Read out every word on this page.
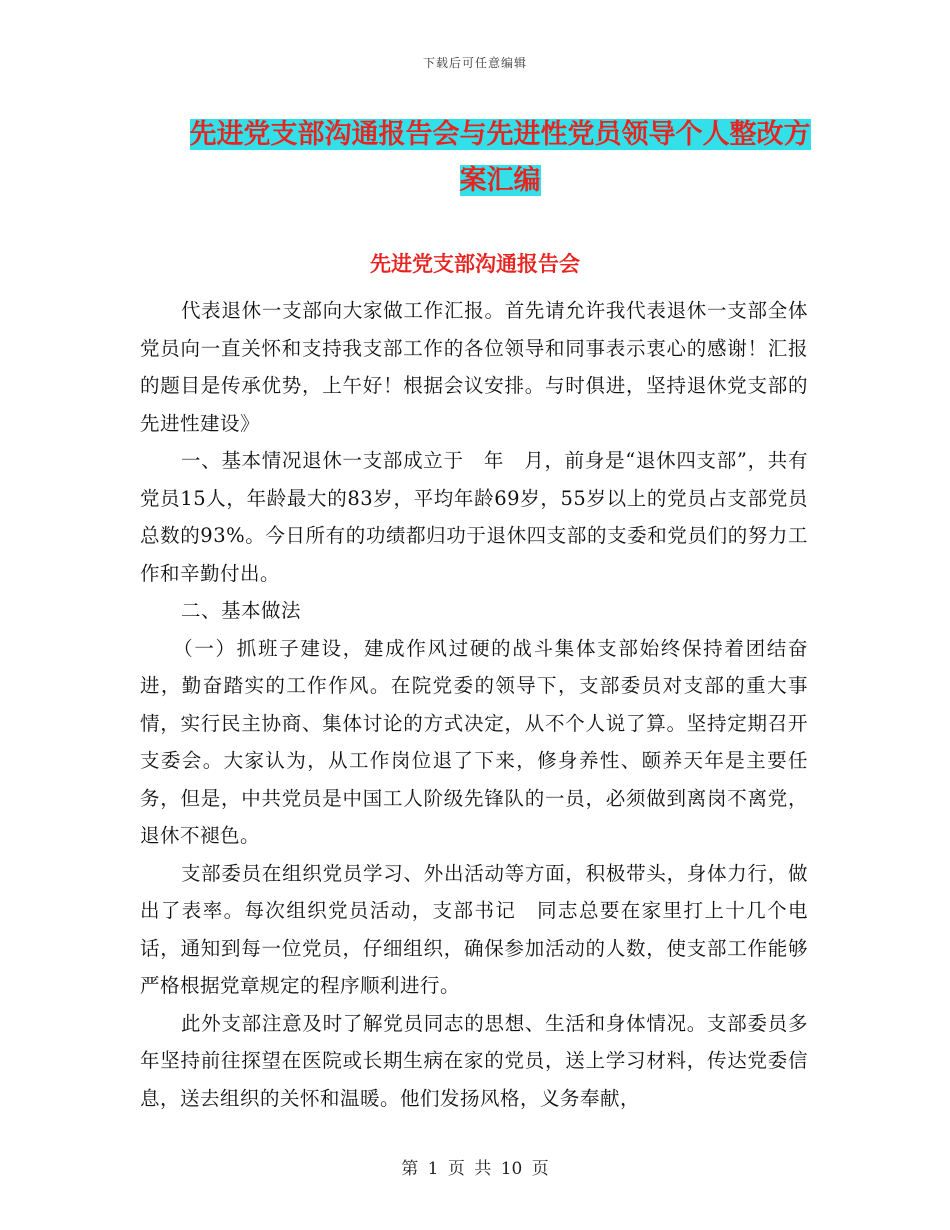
下载后可任意编辑
先进党支部沟通报告会与先进性党员领导个人整改方
案汇编
先进党支部沟通报告会

代表退休一支部向大家做工作汇报。首先请允许我代表退休一支部全体党员向一直关怀和支持我支部工作的各位领导和同事表示衷心的感谢！汇报的题目是传承优势，上午好！根据会议安排。与时俱进，坚持退休党支部的先进性建设》

一、基本情况退休一支部成立于　年　月，前身是“退休四支部”，共有党员15人，年龄最大的83岁，平均年龄69岁，55岁以上的党员占支部党员总数的93%。今日所有的功绩都归功于退休四支部的支委和党员们的努力工作和辛勤付出。

二、基本做法

（一）抓班子建设，建成作风过硬的战斗集体支部始终保持着团结奋进，勤奋踏实的工作作风。在院党委的领导下，支部委员对支部的重大事情，实行民主协商、集体讨论的方式决定，从不个人说了算。坚持定期召开支委会。大家认为，从工作岗位退了下来，修身养性、颐养天年是主要任务，但是，中共党员是中国工人阶级先锋队的一员，必须做到离岗不离党，退休不褪色。

支部委员在组织党员学习、外出活动等方面，积极带头，身体力行，做出了表率。每次组织党员活动，支部书记　同志总要在家里打上十几个电话，通知到每一位党员，仔细组织，确保参加活动的人数，使支部工作能够严格根据党章规定的程序顺利进行。

此外支部注意及时了解党员同志的思想、生活和身体情况。支部委员多年坚持前往探望在医院或长期生病在家的党员，送上学习材料，传达党委信息，送去组织的关怀和温暖。他们发扬风格，义务奉献，

第 1 页 共 10 页
